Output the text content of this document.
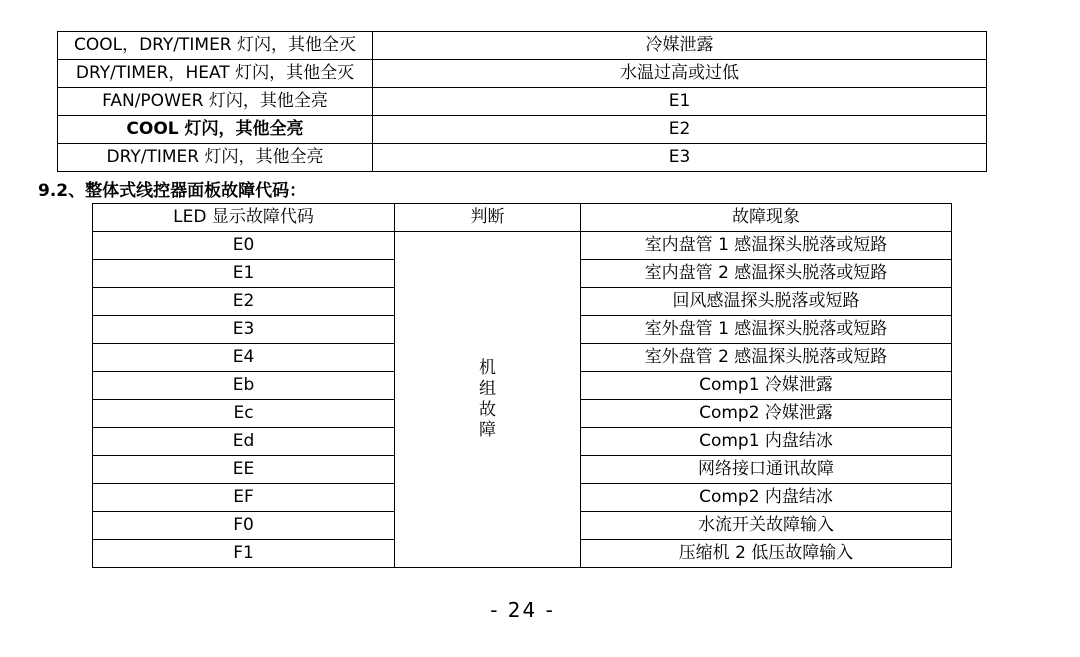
COOL，DRY/TIMER 灯闪，其他全灭	冷媒泄露
DRY/TIMER，HEAT 灯闪，其他全灭	水温过高或过低
FAN/POWER 灯闪，其他全亮	E1
COOL 灯闪，其他全亮	E2
DRY/TIMER 灯闪，其他全亮	E3
9.2、整体式线控器面板故障代码：
LED 显示故障代码	判断	故障现象
E0	机组故障	室内盘管 1 感温探头脱落或短路
E1		室内盘管 2 感温探头脱落或短路
E2		回风感温探头脱落或短路
E3		室外盘管 1 感温探头脱落或短路
E4		室外盘管 2 感温探头脱落或短路
Eb		Comp1 冷媒泄露
Ec		Comp2 冷媒泄露
Ed		Comp1 内盘结冰
EE		网络接口通讯故障
EF		Comp2 内盘结冰
F0		水流开关故障输入
F1		压缩机 2 低压故障输入
- 24 -
